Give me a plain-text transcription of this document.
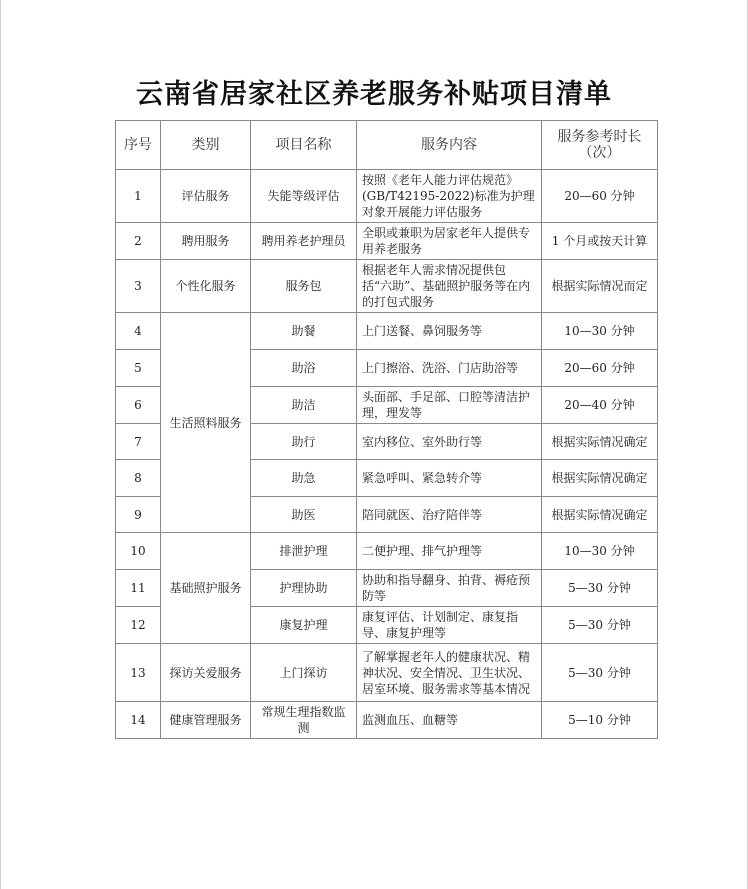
云南省居家社区养老服务补贴项目清单
序号	类别	项目名称	服务内容	服务参考时长（次）
1	评估服务	失能等级评估	按照《老年人能力评估规范》(GB/T42195-2022)标准为护理对象开展能力评估服务	20—60 分钟
2	聘用服务	聘用养老护理员	全职或兼职为居家老年人提供专用养老服务	1 个月或按天计算
3	个性化服务	服务包	根据老年人需求情况提供包括“六助”、基础照护服务等在内的打包式服务	根据实际情况而定
4	生活照料服务	助餐	上门送餐、鼻饲服务等	10—30 分钟
5		助浴	上门擦浴、洗浴、门店助浴等	20—60 分钟
6		助洁	头面部、手足部、口腔等清洁护理，理发等	20—40 分钟
7		助行	室内移位、室外助行等	根据实际情况确定
8		助急	紧急呼叫、紧急转介等	根据实际情况确定
9		助医	陪同就医、治疗陪伴等	根据实际情况确定
10	基础照护服务	排泄护理	二便护理、排气护理等	10—30 分钟
11		护理协助	协助和指导翻身、拍背、褥疮预防等	5—30 分钟
12		康复护理	康复评估、计划制定、康复指导、康复护理等	5—30 分钟
13	探访关爱服务	上门探访	了解掌握老年人的健康状况、精神状况、安全情况、卫生状况、居室环境、服务需求等基本情况	5—30 分钟
14	健康管理服务	常规生理指数监测	监测血压、血糖等	5—10 分钟
